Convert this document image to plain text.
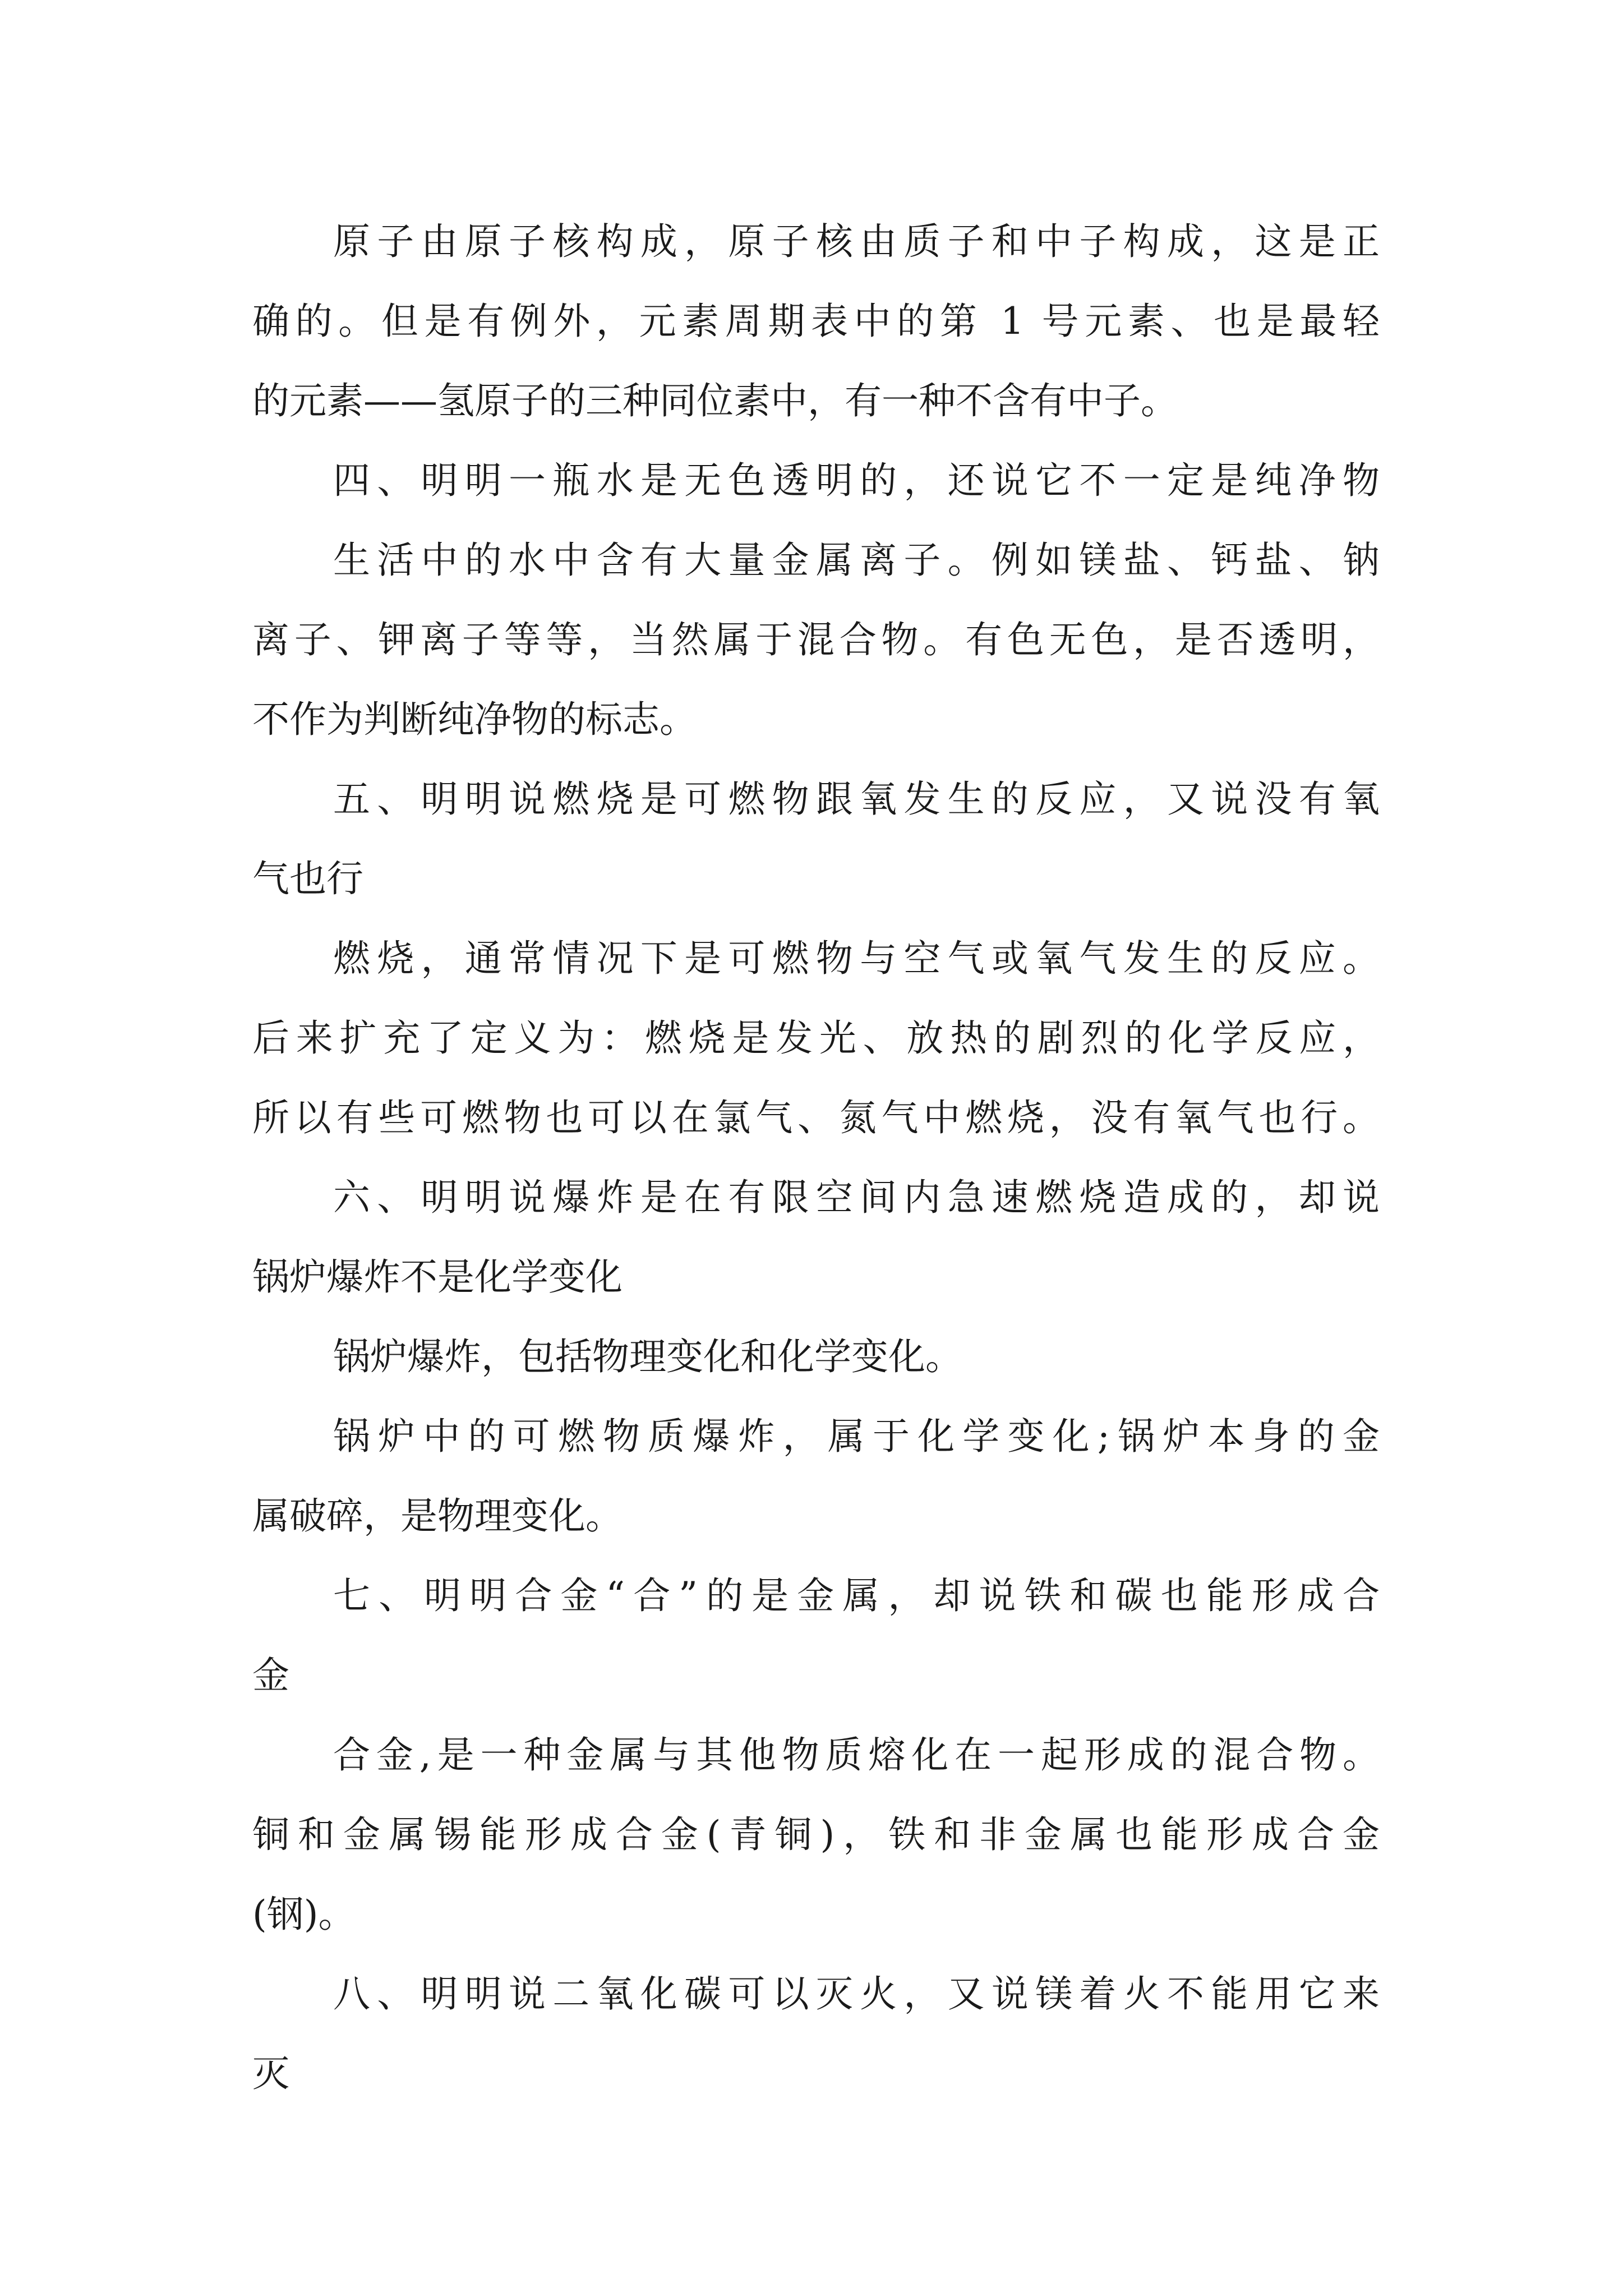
原子由原子核构成，原子核由质子和中子构成，这是正
确的。但是有例外，元素周期表中的第 1 号元素、也是最轻
的元素——氢原子的三种同位素中，有一种不含有中子。
四、明明一瓶水是无色透明的，还说它不一定是纯净物
生活中的水中含有大量金属离子。例如镁盐、钙盐、钠
离子、钾离子等等，当然属于混合物。有色无色，是否透明，
不作为判断纯净物的标志。
五、明明说燃烧是可燃物跟氧发生的反应，又说没有氧
气也行
燃烧，通常情况下是可燃物与空气或氧气发生的反应。
后来扩充了定义为：燃烧是发光、放热的剧烈的化学反应，
所以有些可燃物也可以在氯气、氮气中燃烧，没有氧气也行。
六、明明说爆炸是在有限空间内急速燃烧造成的，却说
锅炉爆炸不是化学变化
锅炉爆炸，包括物理变化和化学变化。
锅炉中的可燃物质爆炸，属于化学变化;锅炉本身的金
属破碎，是物理变化。
七、明明合金“合”的是金属，却说铁和碳也能形成合
金
合金,是一种金属与其他物质熔化在一起形成的混合物。
铜和金属锡能形成合金(青铜)，铁和非金属也能形成合金
(钢)。
八、明明说二氧化碳可以灭火，又说镁着火不能用它来
灭
